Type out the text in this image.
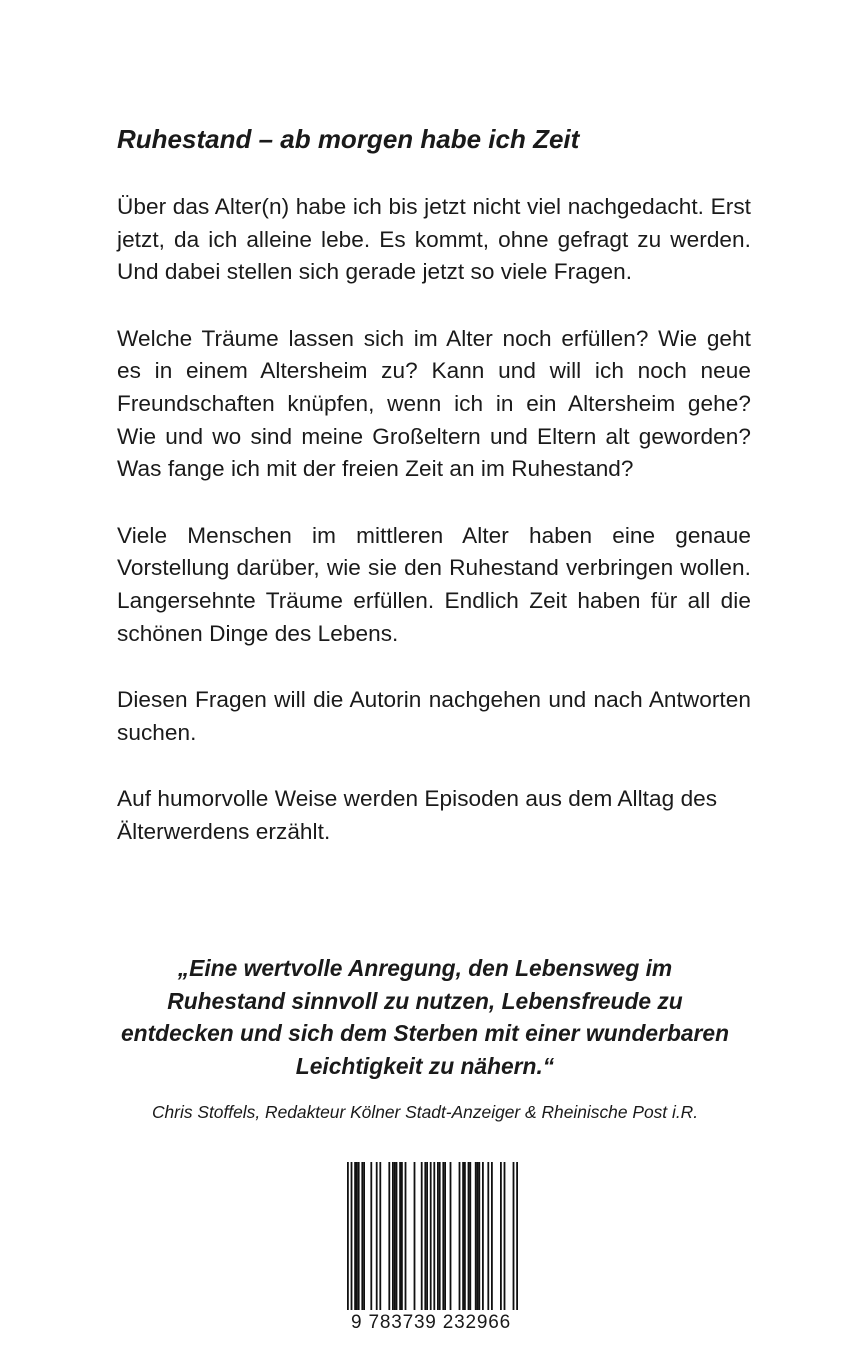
Ruhestand – ab morgen habe ich Zeit

Über das Alter(n) habe ich bis jetzt nicht viel nachgedacht. Erst jetzt, da ich alleine lebe. Es kommt, ohne gefragt zu werden. Und dabei stellen sich gerade jetzt so viele Fragen.

Welche Träume lassen sich im Alter noch erfüllen? Wie geht es in einem Altersheim zu? Kann und will ich noch neue Freundschaften knüpfen, wenn ich in ein Altersheim gehe? Wie und wo sind meine Großeltern und Eltern alt geworden? Was fange ich mit der freien Zeit an im Ruhestand?

Viele Menschen im mittleren Alter haben eine genaue Vorstellung darüber, wie sie den Ruhestand verbringen wollen. Langersehnte Träume erfüllen. Endlich Zeit haben für all die schönen Dinge des Lebens.

Diesen Fragen will die Autorin nachgehen und nach Antworten suchen.

Auf humorvolle Weise werden Episoden aus dem Alltag des Älterwerdens erzählt.

„Eine wertvolle Anregung, den Lebensweg im
Ruhestand sinnvoll zu nutzen, Lebensfreude zu
entdecken und sich dem Sterben mit einer wunderbaren
Leichtigkeit zu nähern.“
Chris Stoffels, Redakteur Kölner Stadt-Anzeiger & Rheinische Post i.R.
9 783739 232966
